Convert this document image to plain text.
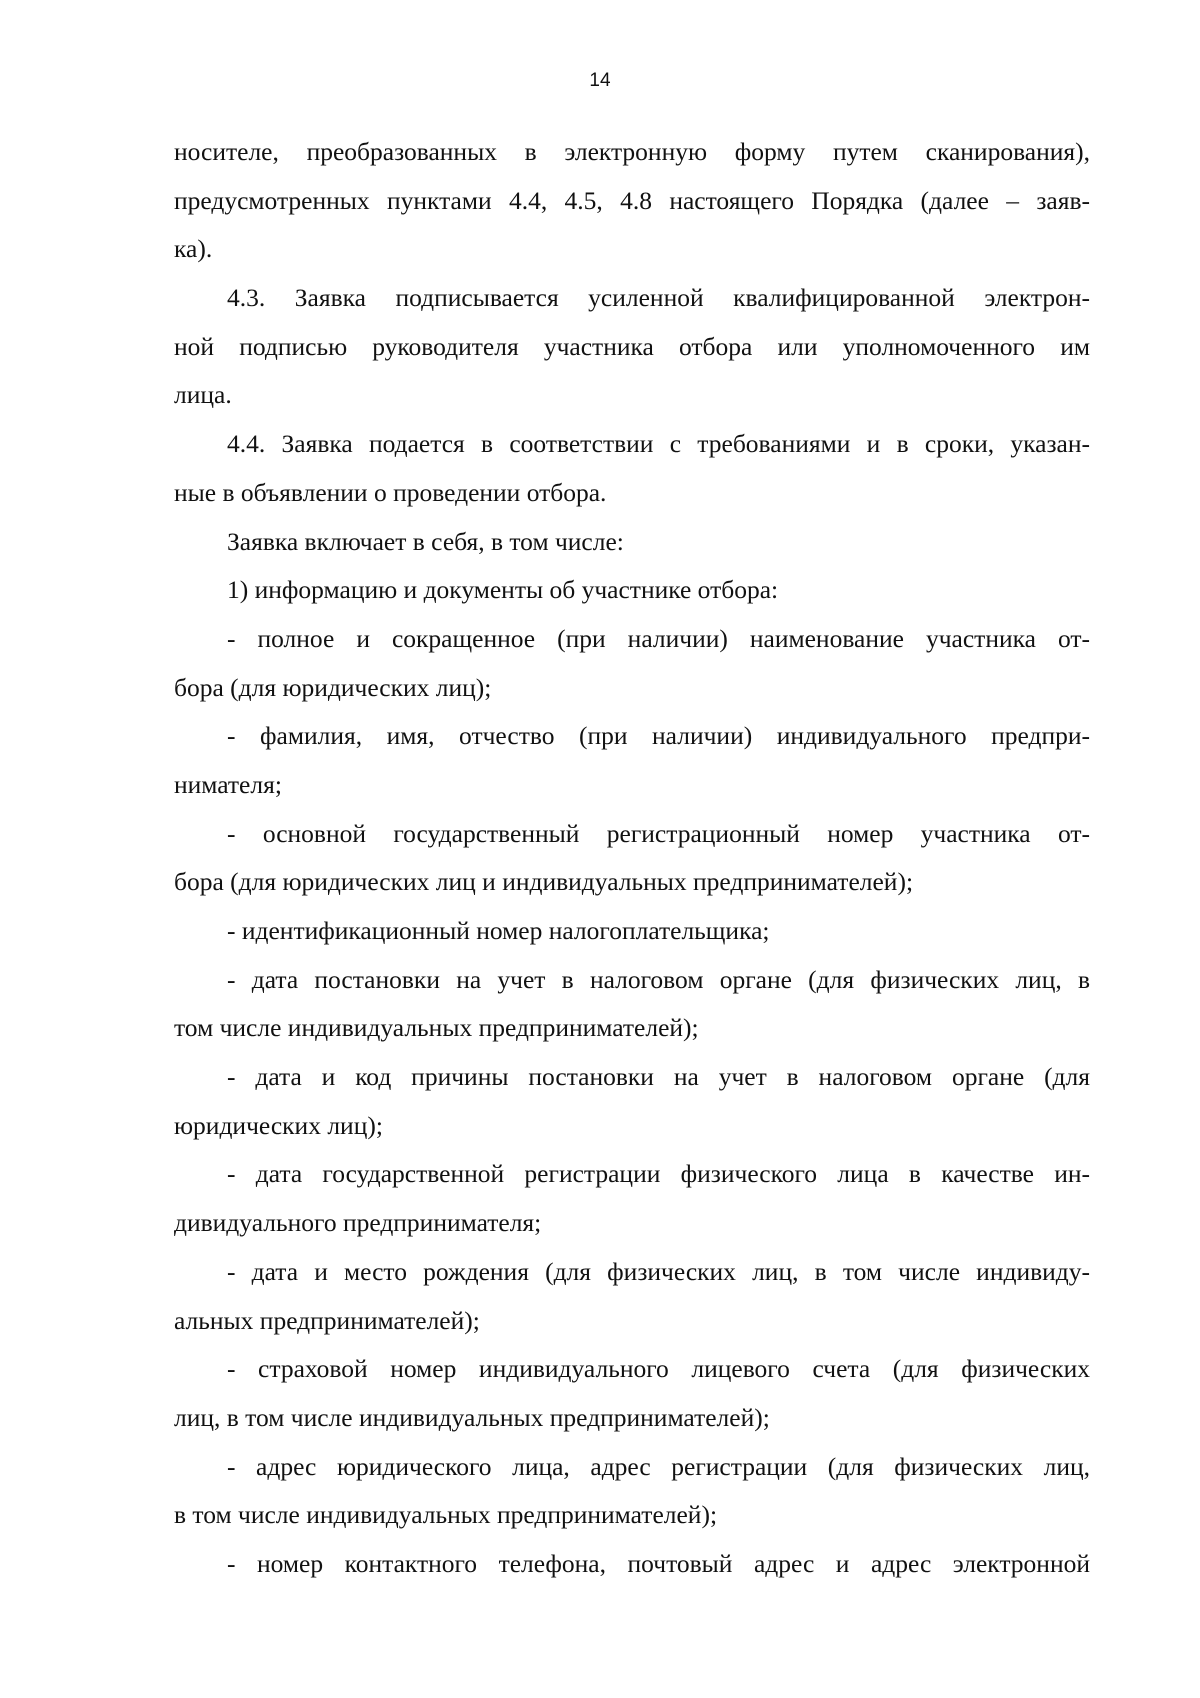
14
носителе, преобразованных в электронную форму путем сканирования),
предусмотренных пунктами 4.4, 4.5, 4.8 настоящего Порядка (далее – заяв-
ка).
4.3. Заявка подписывается усиленной квалифицированной электрон-
ной подписью руководителя участника отбора или уполномоченного им
лица.
4.4. Заявка подается в соответствии с требованиями и в сроки, указан-
ные в объявлении о проведении отбора.
Заявка включает в себя, в том числе:
1) информацию и документы об участнике отбора:
- полное и сокращенное (при наличии) наименование участника от-
бора (для юридических лиц);
- фамилия, имя, отчество (при наличии) индивидуального предпри-
нимателя;
- основной государственный регистрационный номер участника от-
бора (для юридических лиц и индивидуальных предпринимателей);
- идентификационный номер налогоплательщика;
- дата постановки на учет в налоговом органе (для физических лиц, в
том числе индивидуальных предпринимателей);
- дата и код причины постановки на учет в налоговом органе (для
юридических лиц);
- дата государственной регистрации физического лица в качестве ин-
дивидуального предпринимателя;
- дата и место рождения (для физических лиц, в том числе индивиду-
альных предпринимателей);
- страховой номер индивидуального лицевого счета (для физических
лиц, в том числе индивидуальных предпринимателей);
- адрес юридического лица, адрес регистрации (для физических лиц,
в том числе индивидуальных предпринимателей);
- номер контактного телефона, почтовый адрес и адрес электронной
